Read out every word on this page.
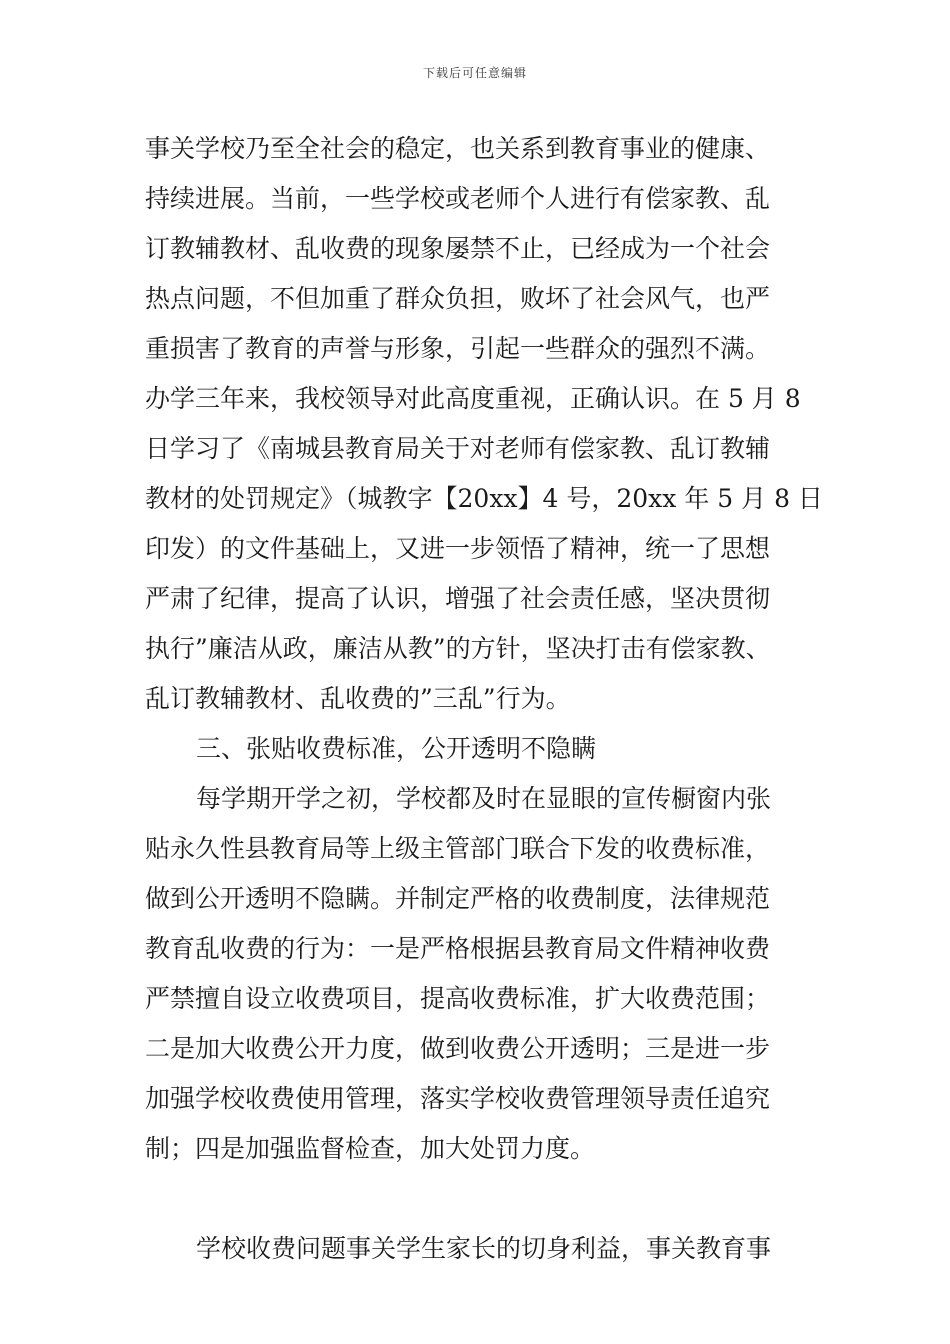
下载后可任意编辑
事关学校乃至全社会的稳定，也关系到教育事业的健康、
持续进展。当前，一些学校或老师个人进行有偿家教、乱
订教辅教材、乱收费的现象屡禁不止，已经成为一个社会
热点问题，不但加重了群众负担，败坏了社会风气，也严
重损害了教育的声誉与形象，引起一些群众的强烈不满。
办学三年来，我校领导对此高度重视，正确认识。在 5 月 8
日学习了《南城县教育局关于对老师有偿家教、乱订教辅
教材的处罚规定》（城教字【20xx】4 号，20xx 年 5 月 8 日
印发）的文件基础上，又进一步领悟了精神，统一了思想
严肃了纪律，提高了认识，增强了社会责任感，坚决贯彻
执行”廉洁从政，廉洁从教”的方针，坚决打击有偿家教、
乱订教辅教材、乱收费的”三乱”行为。
三、张贴收费标准，公开透明不隐瞒
每学期开学之初，学校都及时在显眼的宣传橱窗内张
贴永久性县教育局等上级主管部门联合下发的收费标准，
做到公开透明不隐瞒。并制定严格的收费制度，法律规范
教育乱收费的行为：一是严格根据县教育局文件精神收费
严禁擅自设立收费项目，提高收费标准，扩大收费范围；
二是加大收费公开力度，做到收费公开透明；三是进一步
加强学校收费使用管理，落实学校收费管理领导责任追究
制；四是加强监督检查，加大处罚力度。
学校收费问题事关学生家长的切身利益，事关教育事
